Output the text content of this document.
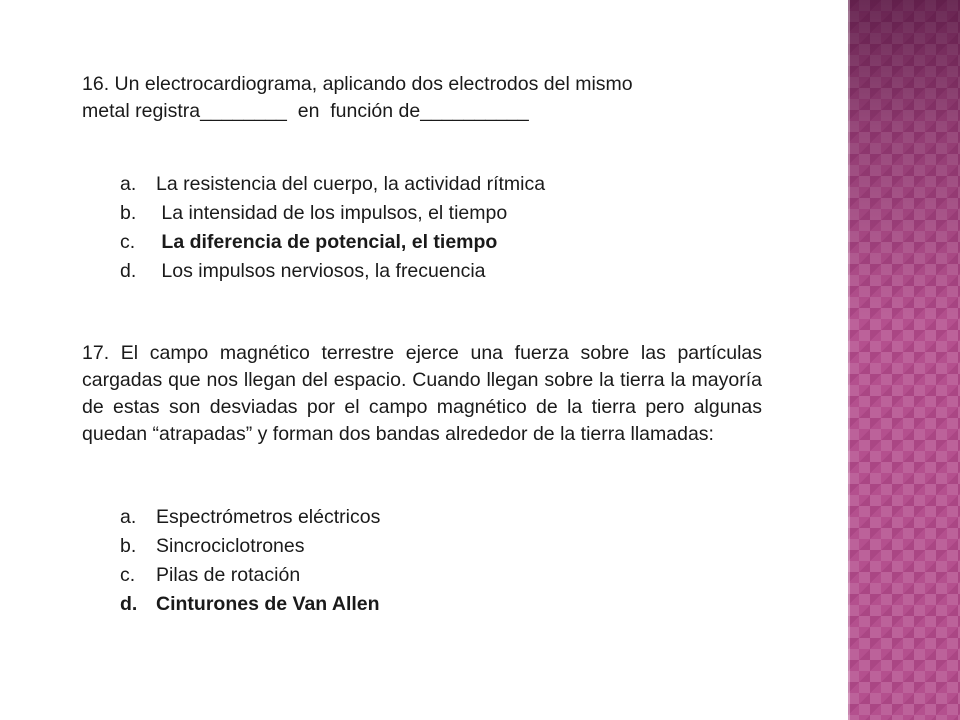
16. Un electrocardiograma, aplicando dos electrodos del mismo
metal registra________  en  función de__________
a.	La resistencia del cuerpo, la actividad rítmica
b.	La intensidad de los impulsos, el tiempo
c.	La diferencia de potencial, el tiempo
d.	Los impulsos nerviosos, la frecuencia

17. El campo magnético terrestre ejerce una fuerza sobre las partículas cargadas que nos llegan del espacio. Cuando llegan sobre la tierra la mayoría de estas son desviadas por el campo magnético de la tierra pero algunas quedan “atrapadas” y forman dos bandas alrededor de la tierra llamadas:

a.	Espectrómetros eléctricos
b.	Sincrociclotrones
c.	Pilas de rotación
d. Cinturones de Van Allen
